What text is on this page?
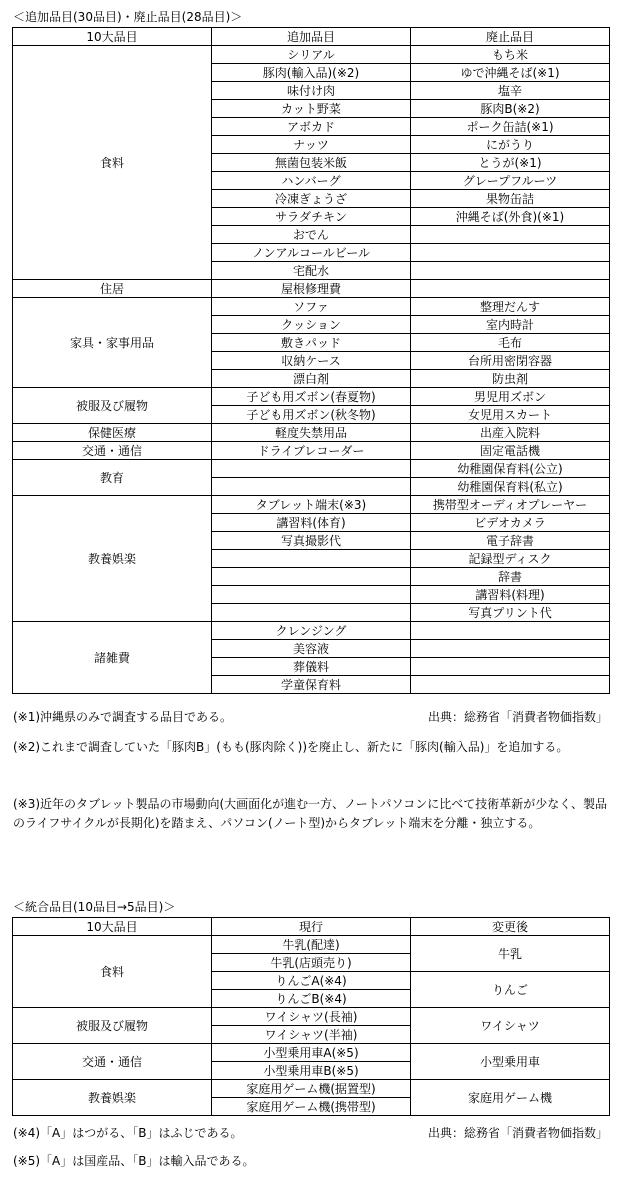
＜追加品目(30品目)・廃止品目(28品目)＞
10大品目	追加品目	廃止品目
食料	シリアル	もち米
	豚肉(輸入品)(※2)	ゆで沖縄そば(※1)
	味付け肉	塩辛
	カット野菜	豚肉B(※2)
	アボカド	ポーク缶詰(※1)
	ナッツ	にがうり
	無菌包装米飯	とうが(※1)
	ハンバーグ	グレープフルーツ
	冷凍ぎょうざ	果物缶詰
	サラダチキン	沖縄そば(外食)(※1)
	おでん	
	ノンアルコールビール	
	宅配水	
住居	屋根修理費	
家具・家事用品	ソファ	整理だんす
	クッション	室内時計
	敷きパッド	毛布
	収納ケース	台所用密閉容器
	漂白剤	防虫剤
被服及び履物	子ども用ズボン(春夏物)	男児用ズボン
	子ども用ズボン(秋冬物)	女児用スカート
保健医療	軽度失禁用品	出産入院料
交通・通信	ドライブレコーダー	固定電話機
教育		幼稚園保育料(公立)
		幼稚園保育料(私立)
教養娯楽	タブレット端末(※3)	携帯型オーディオプレーヤー
	講習料(体育)	ビデオカメラ
	写真撮影代	電子辞書
		記録型ディスク
		辞書
		講習料(料理)
		写真プリント代
諸雑費	クレンジング	
	美容液	
	葬儀料	
	学童保育料	
(※1)沖縄県のみで調査する品目である。	出典：総務省「消費者物価指数」
(※2)これまで調査していた「豚肉B」(もも(豚肉除く))を廃止し、新たに「豚肉(輸入品)」を追加する。
(※3)近年のタブレット製品の市場動向(大画面化が進む一方、ノートパソコンに比べて技術革新が少なく、製品のライフサイクルが長期化)を踏まえ、パソコン(ノート型)からタブレット端末を分離・独立する。
＜統合品目(10品目→5品目)＞
10大品目	現行	変更後
食料	牛乳(配達)	牛乳
	牛乳(店頭売り)	
	りんごA(※4)	りんご
	りんごB(※4)	
被服及び履物	ワイシャツ(長袖)	ワイシャツ
	ワイシャツ(半袖)	
交通・通信	小型乗用車A(※5)	小型乗用車
	小型乗用車B(※5)	
教養娯楽	家庭用ゲーム機(据置型)	家庭用ゲーム機
	家庭用ゲーム機(携帯型)	
(※4)「A」はつがる、「B」はふじである。	出典：総務省「消費者物価指数」
(※5)「A」は国産品、「B」は輸入品である。
